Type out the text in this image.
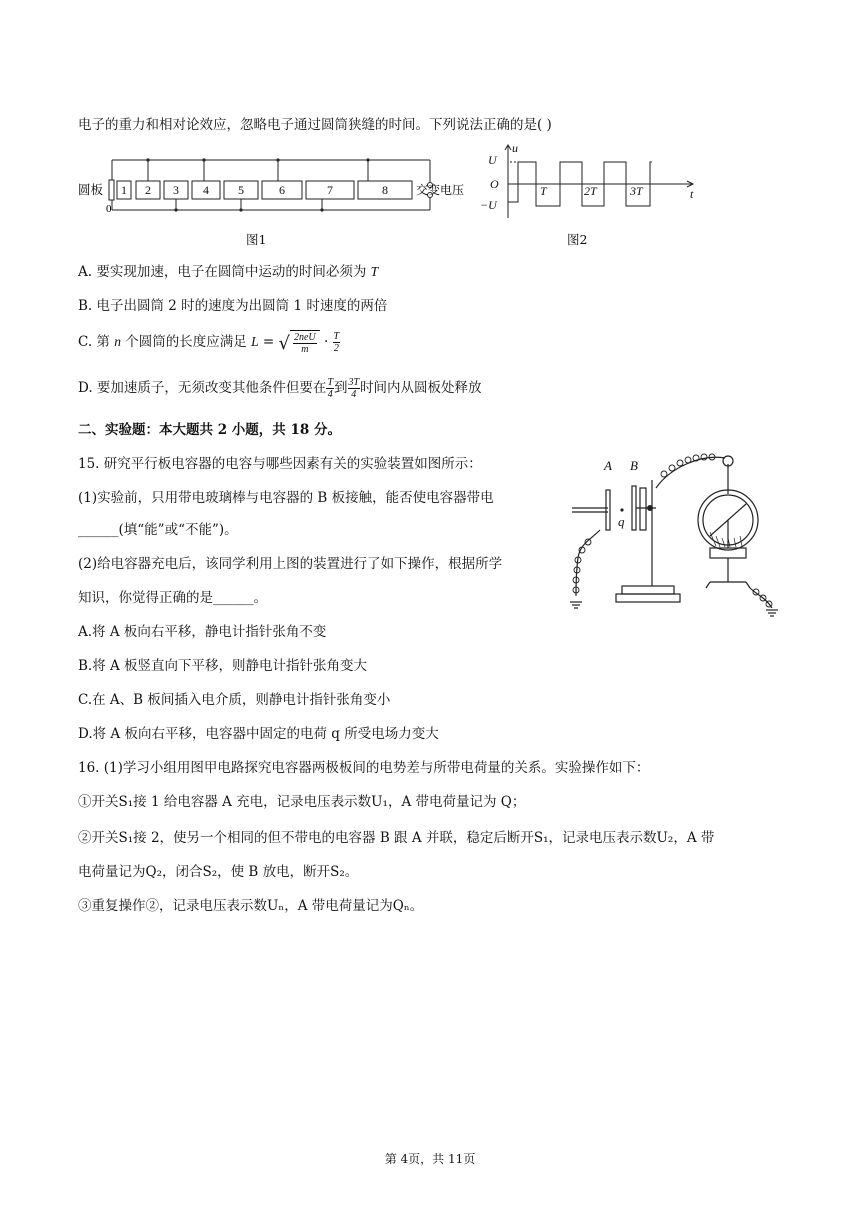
电子的重力和相对论效应，忽略电子通过圆筒狭缝的时间。下列说法正确的是( )
1 2 3 4 5	6	7	8
圆板
0
交变电压
图1
u
U
O
−U
t
T	2T	3T
图2
A. 要实现加速，电子在圆筒中运动的时间必须为 T
B. 电子出圆筒 2 时的速度为出圆筒 1 时速度的两倍
C. 第 n 个圆筒的长度应满足 L = √ $\frac{\text{2neU}}{m} \cdot \frac{T}{2}$
D. 要加速质子，无须改变其他条件但要在 $\frac{T}{4}$ 到 $\frac{3T}{4}$ 时间内从圆板处释放
二、实验题：本大题共 2 小题，共 18 分。
15. 研究平行板电容器的电容与哪些因素有关的实验装置如图所示：
(1)实验前，只用带电玻璃棒与电容器的 B 板接触，能否使电容器带电
______(填“能”或“不能”)。
(2)给电容器充电后，该同学利用上图的装置进行了如下操作，根据所学
知识，你觉得正确的是______。
A.将 A 板向右平移，静电计指针张角不变
B.将 A 板竖直向下平移，则静电计指针张角变大
C.在 A、B 板间插入电介质，则静电计指针张角变小
D.将 A 板向右平移，电容器中固定的电荷 q 所受电场力变大
A B
q
16. (1)学习小组用图甲电路探究电容器两极板间的电势差与所带电荷量的关系。实验操作如下：
①开关S₁接 1 给电容器 A 充电，记录电压表示数U₁，A 带电荷量记为 Q；
②开关S₁接 2，使另一个相同的但不带电的电容器 B 跟 A 并联，稳定后断开S₁，记录电压表示数U₂，A 带
电荷量记为Q₂，闭合S₂，使 B 放电，断开S₂。
③重复操作②，记录电压表示数Uₙ，A 带电荷量记为Qₙ。
第 4页，共 11页
